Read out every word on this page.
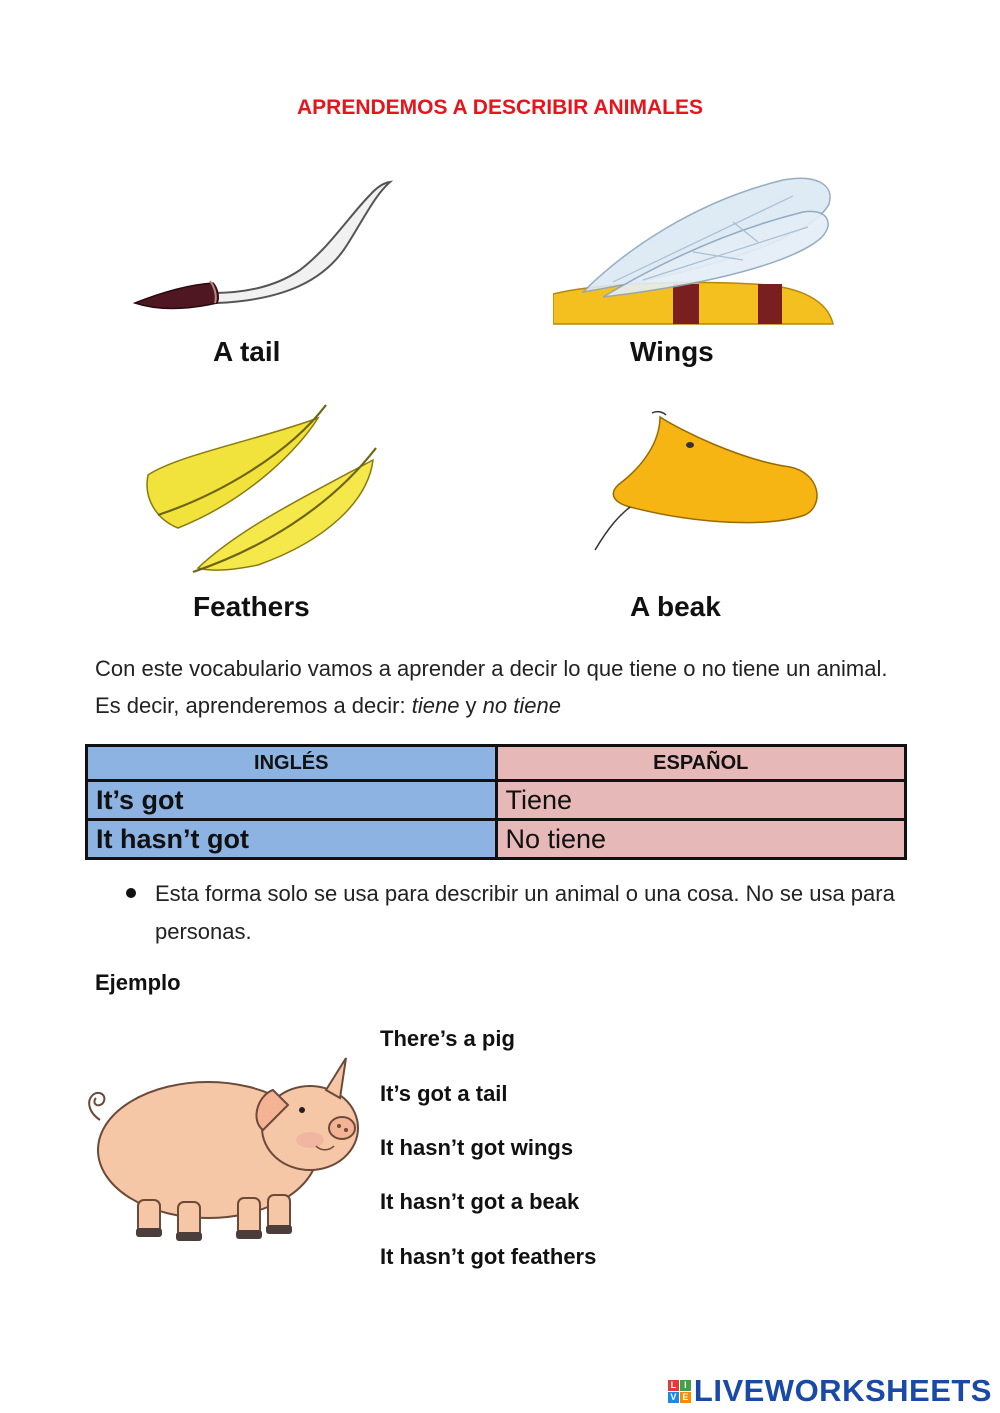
APRENDEMOS A DESCRIBIR ANIMALES
A tail	Wings
Feathers	A beak
Con este vocabulario vamos a aprender a decir lo que tiene o no tiene un animal. Es decir, aprenderemos a decir: tiene y no tiene
INGLÉS	ESPAÑOL
It’s got	Tiene
It hasn’t got	No tiene
Esta forma solo se usa para describir un animal o una cosa. No se usa para personas.
Ejemplo
There’s a pig
It’s got a tail
It hasn’t got wings
It hasn’t got a beak
It hasn’t got feathers
L I
V E LIVEWORKSHEETS
